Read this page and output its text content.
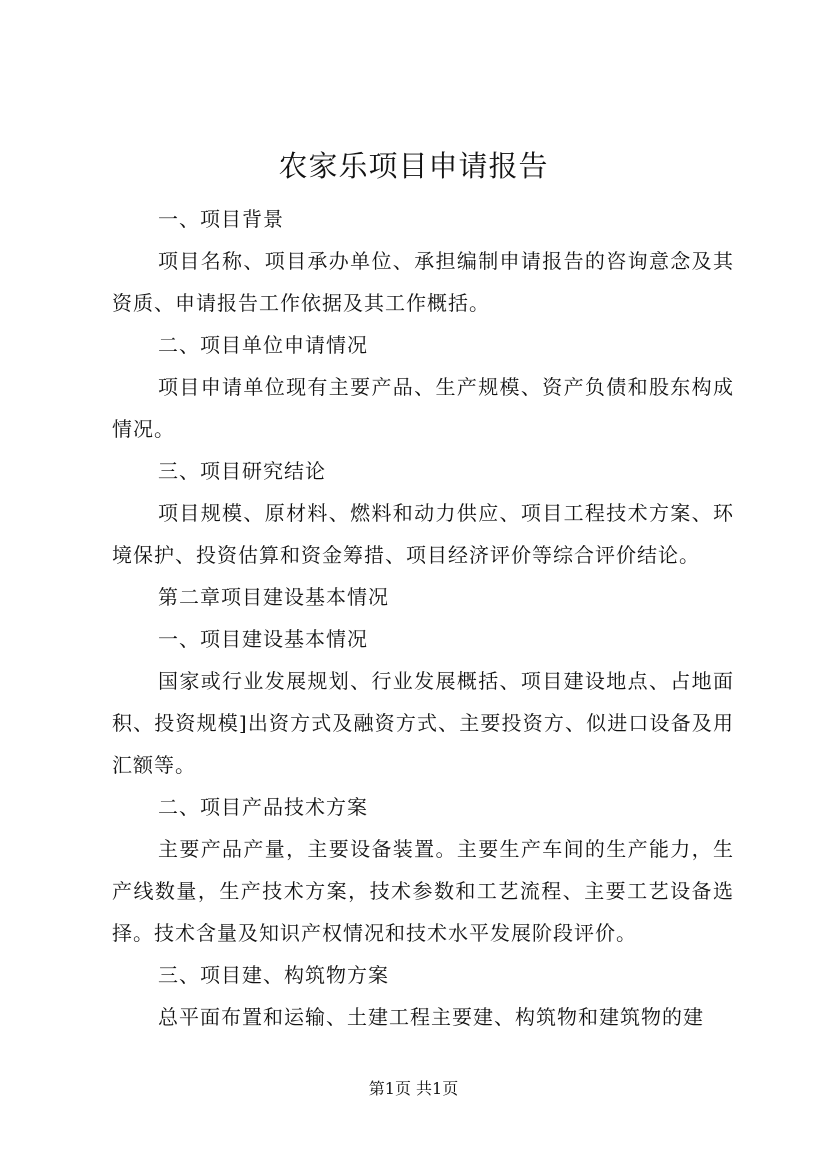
农家乐项目申请报告

一、项目背景

项目名称、项目承办单位、承担编制申请报告的咨询意念及其资质、申请报告工作依据及其工作概括。

二、项目单位申请情况

项目申请单位现有主要产品、生产规模、资产负债和股东构成情况。

三、项目研究结论

项目规模、原材料、燃料和动力供应、项目工程技术方案、环境保护、投资估算和资金筹措、项目经济评价等综合评价结论。

第二章项目建设基本情况

一、项目建设基本情况

国家或行业发展规划、行业发展概括、项目建设地点、占地面积、投资规模]出资方式及融资方式、主要投资方、似进口设备及用汇额等。

二、项目产品技术方案

主要产品产量，主要设备装置。主要生产车间的生产能力，生产线数量，生产技术方案，技术参数和工艺流程、主要工艺设备选择。技术含量及知识产权情况和技术水平发展阶段评价。

三、项目建、构筑物方案

总平面布置和运输、土建工程主要建、构筑物和建筑物的建

第1页 共1页
